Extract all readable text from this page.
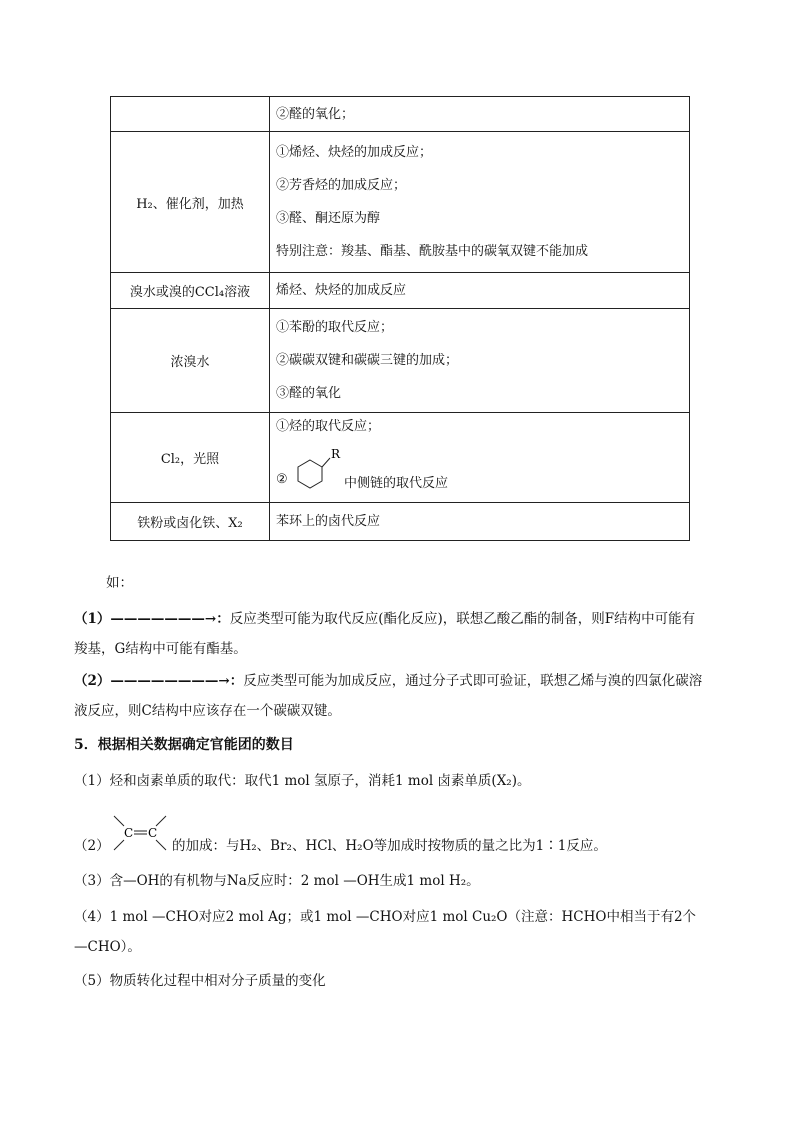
	②醛的氧化；

H₂、催化剂，加热	①烯烃、炔烃的加成反应；
②芳香烃的加成反应；
③醛、酮还原为醇
特别注意：羧基、酯基、酰胺基中的碳氧双键不能加成

溴水或溴的CCl₄溶液	烯烃、炔烃的加成反应

浓溴水	①苯酚的取代反应；
②碳碳双键和碳碳三键的加成；
③醛的氧化

Cl₂，光照	①烃的取代反应；
②
R
中侧链的取代反应

铁粉或卤化铁、X₂	苯环上的卤代反应
如：
（1）———————→：反应类型可能为取代反应(酯化反应)，联想乙酸乙酯的制备，则F结构中可能有羧基，G结构中可能有酯基。
（2）————————→：反应类型可能为加成反应，通过分子式即可验证，联想乙烯与溴的四氯化碳溶液反应，则C结构中应该存在一个碳碳双键。
5．根据相关数据确定官能团的数目
（1）烃和卤素单质的取代：取代1 mol 氢原子，消耗1 mol 卤素单质(X₂)。
（2）
C C
的加成：与H₂、Br₂、HCl、H₂O等加成时按物质的量之比为1∶1反应。
（3）含—OH的有机物与Na反应时：2 mol —OH生成1 mol H₂。
（4）1 mol —CHO对应2 mol Ag；或1 mol —CHO对应1 mol Cu₂O（注意：HCHO中相当于有2个—CHO）。
（5）物质转化过程中相对分子质量的变化
